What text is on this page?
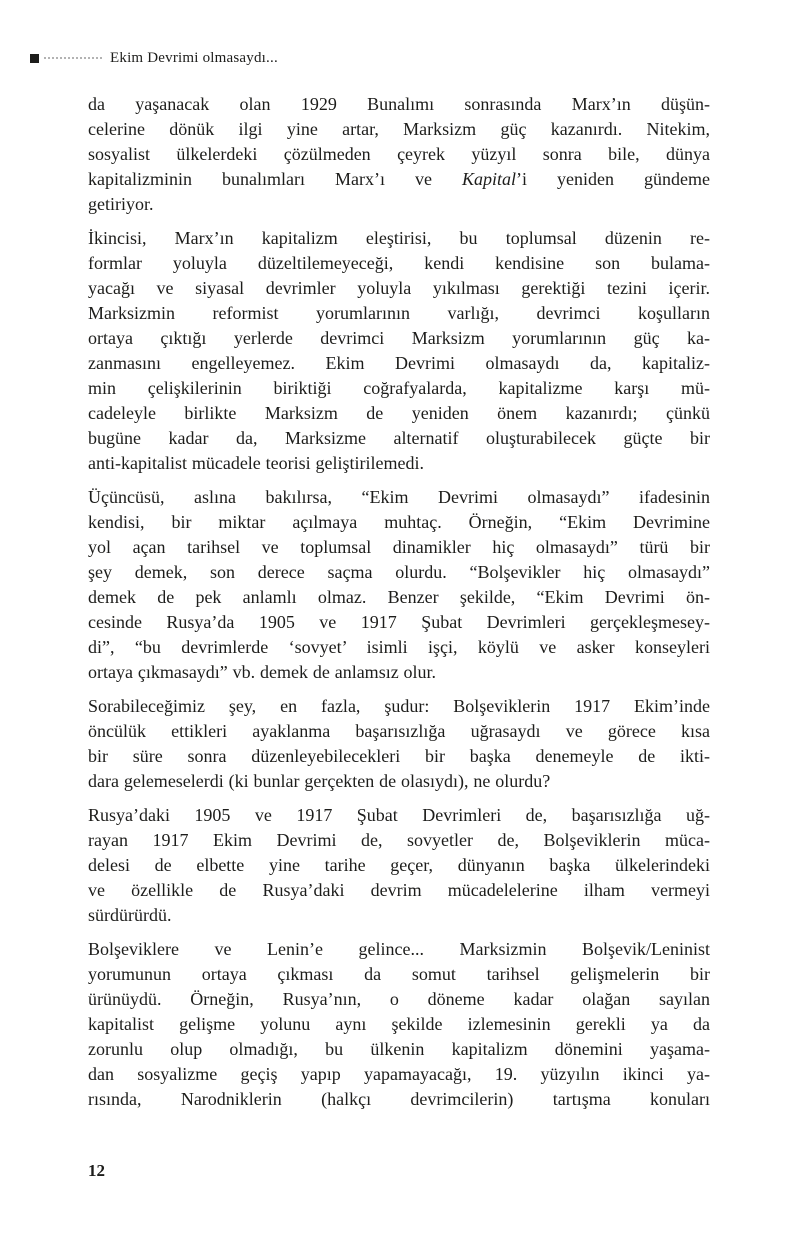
Ekim Devrimi olmasaydı...

da yaşanacak olan 1929 Bunalımı sonrasında Marx’ın düşün-
celerine dönük ilgi yine artar, Marksizm güç kazanırdı. Nitekim,
sosyalist ülkelerdeki çözülmeden çeyrek yüzyıl sonra bile, dünya
kapitalizminin bunalımları Marx’ı ve Kapital’i yeniden gündeme
getiriyor.

İkincisi, Marx’ın kapitalizm eleştirisi, bu toplumsal düzenin re-
formlar yoluyla düzeltilemeyeceği, kendi kendisine son bulama-
yacağı ve siyasal devrimler yoluyla yıkılması gerektiği tezini içerir.
Marksizmin reformist yorumlarının varlığı, devrimci koşulların
ortaya çıktığı yerlerde devrimci Marksizm yorumlarının güç ka-
zanmasını engelleyemez. Ekim Devrimi olmasaydı da, kapitaliz-
min çelişkilerinin biriktiği coğrafyalarda, kapitalizme karşı mü-
cadeleyle birlikte Marksizm de yeniden önem kazanırdı; çünkü
bugüne kadar da, Marksizme alternatif oluşturabilecek güçte bir
anti-kapitalist mücadele teorisi geliştirilemedi.

Üçüncüsü, aslına bakılırsa, “Ekim Devrimi olmasaydı” ifadesinin
kendisi, bir miktar açılmaya muhtaç. Örneğin, “Ekim Devrimine
yol açan tarihsel ve toplumsal dinamikler hiç olmasaydı” türü bir
şey demek, son derece saçma olurdu. “Bolşevikler hiç olmasaydı”
demek de pek anlamlı olmaz. Benzer şekilde, “Ekim Devrimi ön-
cesinde Rusya’da 1905 ve 1917 Şubat Devrimleri gerçekleşmesey-
di”, “bu devrimlerde ‘sovyet’ isimli işçi, köylü ve asker konseyleri
ortaya çıkmasaydı” vb. demek de anlamsız olur.

Sorabileceğimiz şey, en fazla, şudur: Bolşeviklerin 1917 Ekim’inde
öncülük ettikleri ayaklanma başarısızlığa uğrasaydı ve görece kısa
bir süre sonra düzenleyebilecekleri bir başka denemeyle de ikti-
dara gelemeselerdi (ki bunlar gerçekten de olasıydı), ne olurdu?

Rusya’daki 1905 ve 1917 Şubat Devrimleri de, başarısızlığa uğ-
rayan 1917 Ekim Devrimi de, sovyetler de, Bolşeviklerin müca-
delesi de elbette yine tarihe geçer, dünyanın başka ülkelerindeki
ve özellikle de Rusya’daki devrim mücadelelerine ilham vermeyi
sürdürürdü.

Bolşeviklere ve Lenin’e gelince... Marksizmin Bolşevik/Leninist
yorumunun ortaya çıkması da somut tarihsel gelişmelerin bir
ürünüydü. Örneğin, Rusya’nın, o döneme kadar olağan sayılan
kapitalist gelişme yolunu aynı şekilde izlemesinin gerekli ya da
zorunlu olup olmadığı, bu ülkenin kapitalizm dönemini yaşama-
dan sosyalizme geçiş yapıp yapamayacağı, 19. yüzyılın ikinci ya-
rısında, Narodniklerin (halkçı devrimcilerin) tartışma konuları

12
